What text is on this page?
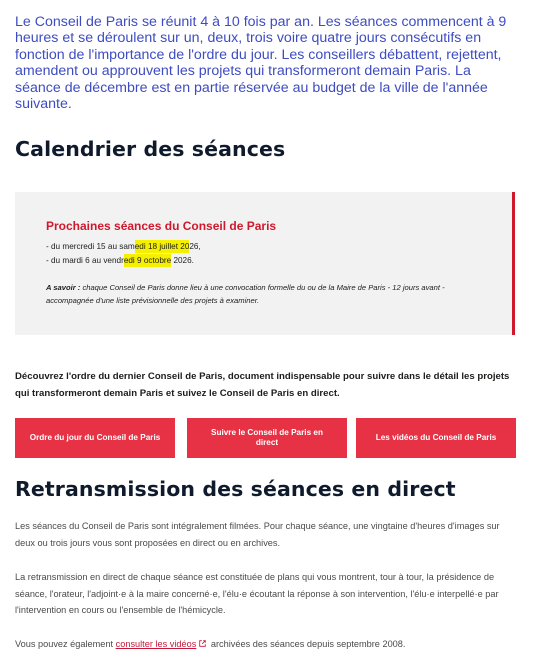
Le Conseil de Paris se réunit 4 à 10 fois par an. Les séances commencent à 9 heures et se déroulent sur un, deux, trois voire quatre jours consécutifs en fonction de l'importance de l'ordre du jour. Les conseillers débattent, rejettent, amendent ou approuvent les projets qui transformeront demain Paris. La séance de décembre est en partie réservée au budget de la ville de l'année suivante.

Calendrier des séances

Prochaines séances du Conseil de Paris

- du mercredi 15 au samedi 18 juillet 2026,

- du mardi 6 au vendredi 9 octobre 2026.

A savoir : chaque Conseil de Paris donne lieu à une convocation formelle du ou de la Maire de Paris - 12 jours avant - accompagnée d'une liste prévisionnelle des projets à examiner.

Découvrez l'ordre du dernier Conseil de Paris, document indispensable pour suivre dans le détail les projets qui transformeront demain Paris et suivez le Conseil de Paris en direct.

Ordre du jour du Conseil de Paris
Suivre le Conseil de Paris en direct
Les vidéos du Conseil de Paris
Retransmission des séances en direct

Les séances du Conseil de Paris sont intégralement filmées. Pour chaque séance, une vingtaine d'heures d'images sur deux ou trois jours vous sont proposées en direct ou en archives.

La retransmission en direct de chaque séance est constituée de plans qui vous montrent, tour à tour, la présidence de séance, l'orateur, l'adjoint·e à la maire concerné·e, l'élu·e écoutant la réponse à son intervention, l'élu·e interpellé·e par l'intervention en cours ou l'ensemble de l'hémicycle.

Vous pouvez également consulter les vidéos archivées des séances depuis septembre 2008.
